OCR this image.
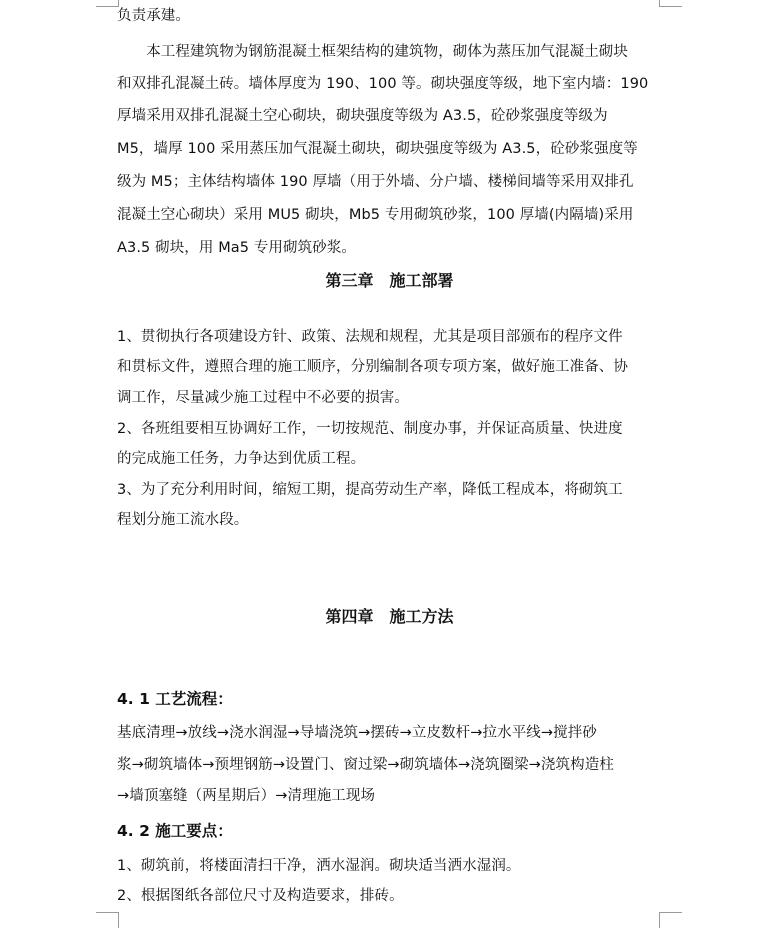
负责承建。
　　本工程建筑物为钢筋混凝土框架结构的建筑物，砌体为蒸压加气混凝土砌块
和双排孔混凝土砖。墙体厚度为 190、100 等。砌块强度等级，地下室内墙：190
厚墙采用双排孔混凝土空心砌块，砌块强度等级为 A3.5，砼砂浆强度等级为
M5，墙厚 100 采用蒸压加气混凝土砌块，砌块强度等级为 A3.5，砼砂浆强度等
级为 M5；主体结构墙体 190 厚墙（用于外墙、分户墙、楼梯间墙等采用双排孔
混凝土空心砌块）采用 MU5 砌块，Mb5 专用砌筑砂浆，100 厚墙(内隔墙)采用
A3.5 砌块，用 Ma5 专用砌筑砂浆。
第三章　施工部署
1、贯彻执行各项建设方针、政策、法规和规程，尤其是项目部颁布的程序文件
和贯标文件，遵照合理的施工顺序，分别编制各项专项方案，做好施工准备、协
调工作，尽量减少施工过程中不必要的损害。
2、各班组要相互协调好工作，一切按规范、制度办事，并保证高质量、快进度
的完成施工任务，力争达到优质工程。
3、为了充分利用时间，缩短工期，提高劳动生产率，降低工程成本，将砌筑工
程划分施工流水段。
第四章　施工方法
4. 1 工艺流程：
基底清理→放线→浇水润湿→导墙浇筑→摆砖→立皮数杆→拉水平线→搅拌砂
浆→砌筑墙体→预埋钢筋→设置门、窗过梁→砌筑墙体→浇筑圈梁→浇筑构造柱
→墙顶塞缝（两星期后）→清理施工现场
4. 2 施工要点：
1、砌筑前，将楼面清扫干净，洒水湿润。砌块适当洒水湿润。
2、根据图纸各部位尺寸及构造要求，排砖。
